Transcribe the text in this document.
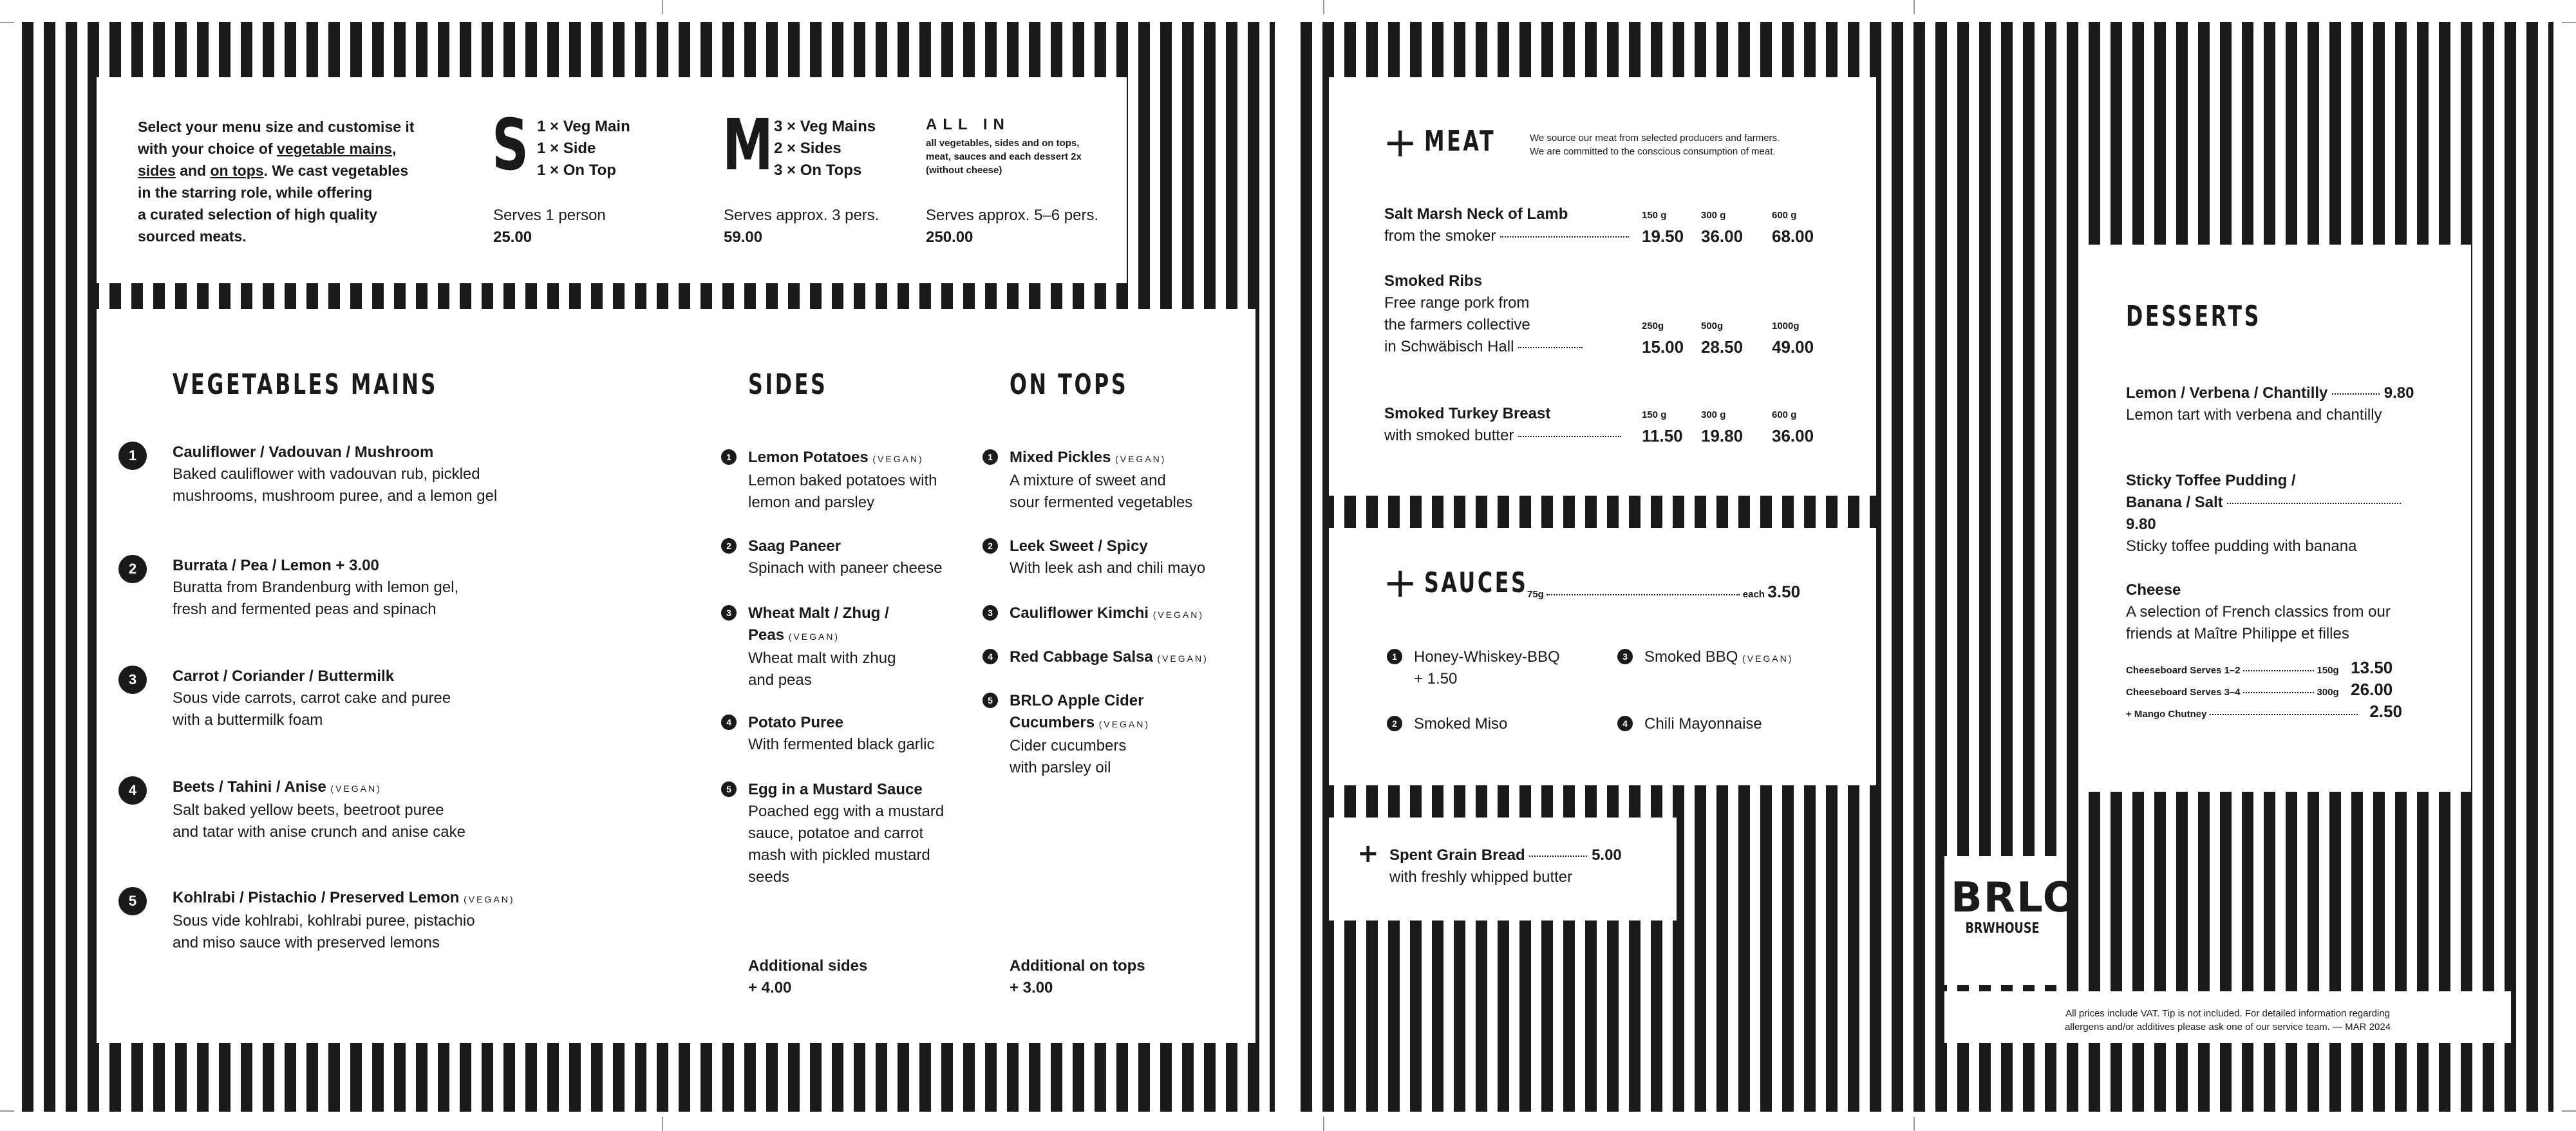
Select your menu size and customise it
with your choice of vegetable mains,
sides and on tops. We cast vegetables
in the starring role, while offering
a curated selection of high quality
sourced meats.
S 1 × Veg Main
1 × Side
1 × On Top
Serves 1 person
25.00
M 3 × Veg Mains
2 × Sides
3 × On Tops
Serves approx. 3 pers.
59.00
ALL IN
all vegetables, sides and on tops,
meat, sauces and each dessert 2x
(without cheese)
Serves approx. 5–6 pers.
250.00
VEGETABLES MAINS
1	Cauliflower / Vadouvan / Mushroom
Baked cauliflower with vadouvan rub, pickled
mushrooms, mushroom puree, and a lemon gel
2	Burrata / Pea / Lemon + 3.00
Buratta from Brandenburg with lemon gel,
fresh and fermented peas and spinach
3	Carrot / Coriander / Buttermilk
Sous vide carrots, carrot cake and puree
with a buttermilk foam
4	Beets / Tahini / Anise (VEGAN)
Salt baked yellow beets, beetroot puree
and tatar with anise crunch and anise cake
5	Kohlrabi / Pistachio / Preserved Lemon (VEGAN)
Sous vide kohlrabi, kohlrabi puree, pistachio
and miso sauce with preserved lemons
SIDES
1	Lemon Potatoes (VEGAN)
Lemon baked potatoes with
lemon and parsley
2	Saag Paneer
Spinach with paneer cheese
3	Wheat Malt / Zhug /
Peas (VEGAN)
Wheat malt with zhug
and peas
4	Potato Puree
With fermented black garlic
5	Egg in a Mustard Sauce
Poached egg with a mustard
sauce, potatoe and carrot
mash with pickled mustard
seeds
Additional sides
+ 4.00
ON TOPS
1	Mixed Pickles (VEGAN)
A mixture of sweet and
sour fermented vegetables
2	Leek Sweet / Spicy
With leek ash and chili mayo
3	Cauliflower Kimchi (VEGAN)
4	Red Cabbage Salsa (VEGAN)
5	BRLO Apple Cider
Cucumbers (VEGAN)
Cider cucumbers
with parsley oil
Additional on tops
+ 3.00
+ MEAT	We source our meat from selected producers and farmers.
We are committed to the conscious consumption of meat.
Salt Marsh Neck of Lamb
from the smoker
150 g	300 g	600 g
19.50 36.00 68.00
Smoked Ribs
Free range pork from
the farmers collective
in Schwäbisch Hall
250g	500g	1000g
15.00 28.50 49.00
Smoked Turkey Breast
with smoked butter
150 g	300 g	600 g
11.50 19.80 36.00
+ SAUCES
75g	each 3.50
1	Honey-Whiskey-BBQ
+ 1.50
2	Smoked Miso
3	Smoked BBQ (VEGAN)
4	Chili Mayonnaise
+ Spent Grain Bread	5.00
with freshly whipped butter
DESSERTS
Lemon / Verbena / Chantilly	9.80
Lemon tart with verbena and chantilly
Sticky Toffee Pudding /
Banana / Salt  9.80
Sticky toffee pudding with banana
Cheese
A selection of French classics from our
friends at Maître Philippe et filles
Cheeseboard Serves 1–2	150g 13.50
Cheeseboard Serves 3–4	300g 26.00
+ Mango Chutney	2.50
BRLO
BRWHOUSE
All prices include VAT. Tip is not included. For detailed information regarding
allergens and/or additives please ask one of our service team. — MAR 2024
